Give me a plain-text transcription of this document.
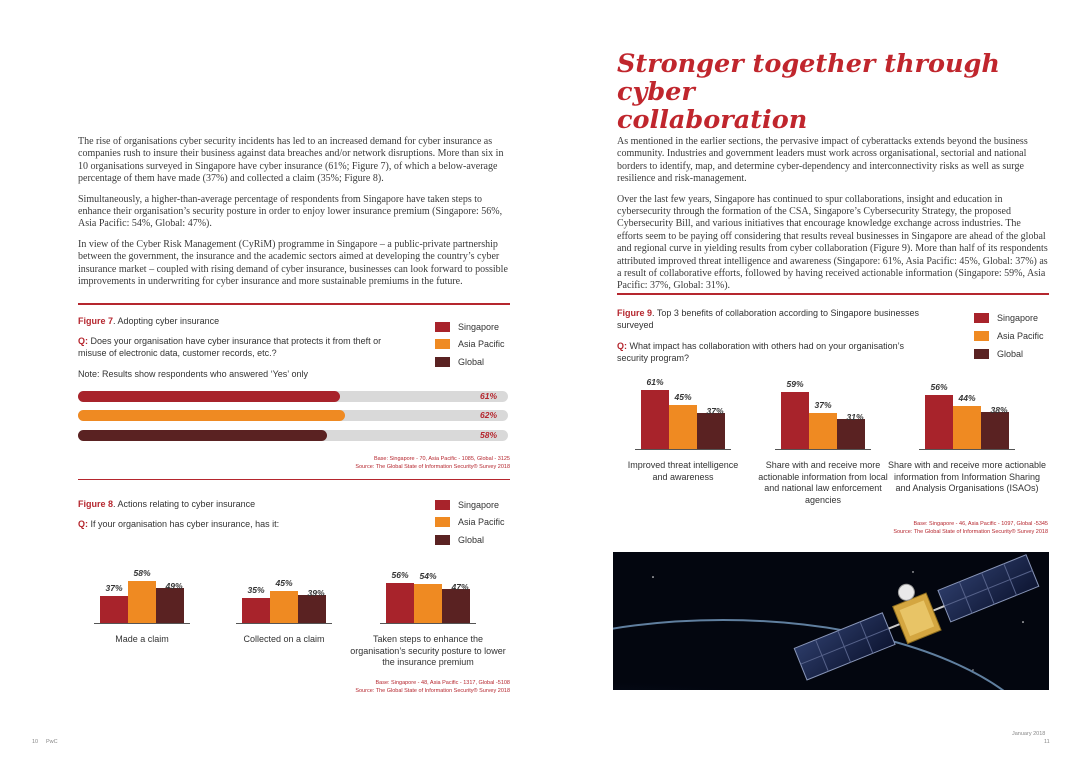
Stronger together through cyber
collaboration

The rise of organisations cyber security incidents has led to an increased demand for cyber insurance as companies rush to insure their business against data breaches and/or network disruptions. More than six in 10 organisations surveyed in Singapore have cyber insurance (61%; Figure 7), of which a below-average percentage of them have made (37%) and collected a claim (35%; Figure 8).

Simultaneously, a higher-than-average percentage of respondents from Singapore have taken steps to enhance their organisation’s security posture in order to enjoy lower insurance premium (Singapore: 56%, Asia Pacific: 54%, Global: 47%).

In view of the Cyber Risk Management (CyRiM) programme in Singapore – a public-private partnership between the government, the insurance and the academic sectors aimed at developing the country’s cyber insurance market – coupled with rising demand of cyber insurance, businesses can look forward to possible improvements in underwriting for cyber insurance and more sustainable premiums in the future.

As mentioned in the earlier sections, the pervasive impact of cyberattacks extends beyond the business community. Industries and government leaders must work across organisational, sectorial and national borders to identify, map, and determine cyber-dependency and interconnectivity risks as well as surge resilience and risk-management.

Over the last few years, Singapore has continued to spur collaborations, insight and education in cybersecurity through the formation of the CSA, Singapore’s Cybersecurity Strategy, the proposed Cybersecurity Bill, and various initiatives that encourage knowledge exchange across industries. The efforts seem to be paying off considering that results reveal businesses in Singapore are ahead of the global and regional curve in yielding results from cyber collaboration (Figure 9). More than half of its respondents attributed improved threat intelligence and awareness (Singapore: 61%, Asia Pacific: 45%, Global: 37%) as a result of collaborative efforts, followed by having received actionable information (Singapore: 59%, Asia Pacific: 37%, Global: 31%).

Figure 7. Adopting cyber insurance
Q: Does your organisation have cyber insurance that protects it from theft or misuse of electronic data, customer records, etc.?
Note: Results show respondents who answered ‘Yes’ only
Singapore
Asia Pacific
Global
61%
62%
58%
Base: Singapore - 70, Asia Pacific - 1085, Global - 3125
Source: The Global State of Information Security® Survey 2018
Figure 8. Actions relating to cyber insurance
Q: If your organisation has cyber insurance, has it:
Singapore
Asia Pacific
Global
37%
58%
49%
Made a claim
35%
45%
39%
Collected on a claim
56%	54%
47%
Taken steps to enhance the organisation’s security posture to lower the insurance premium
Base: Singapore - 48, Asia Pacific - 1317, Global -5108
Source: The Global State of Information Security® Survey 2018
Figure 9. Top 3 benefits of collaboration according to Singapore businesses surveyed
Q: What impact has collaboration with others had on your organisation’s security program?
Singapore
Asia Pacific
Global
61%
45%
37%
Improved threat intelligence and awareness
59%
37%
31%
Share with and receive more actionable information from local and national law enforcement agencies
56%
44%
38%
Share with and receive more actionable information from Information Sharing and Analysis Organisations (ISAOs)
Base: Singapore - 46, Asia Pacific - 1097, Global -5345
Source: The Global State of Information Security® Survey 2018
10 PwC
January 2018
11
